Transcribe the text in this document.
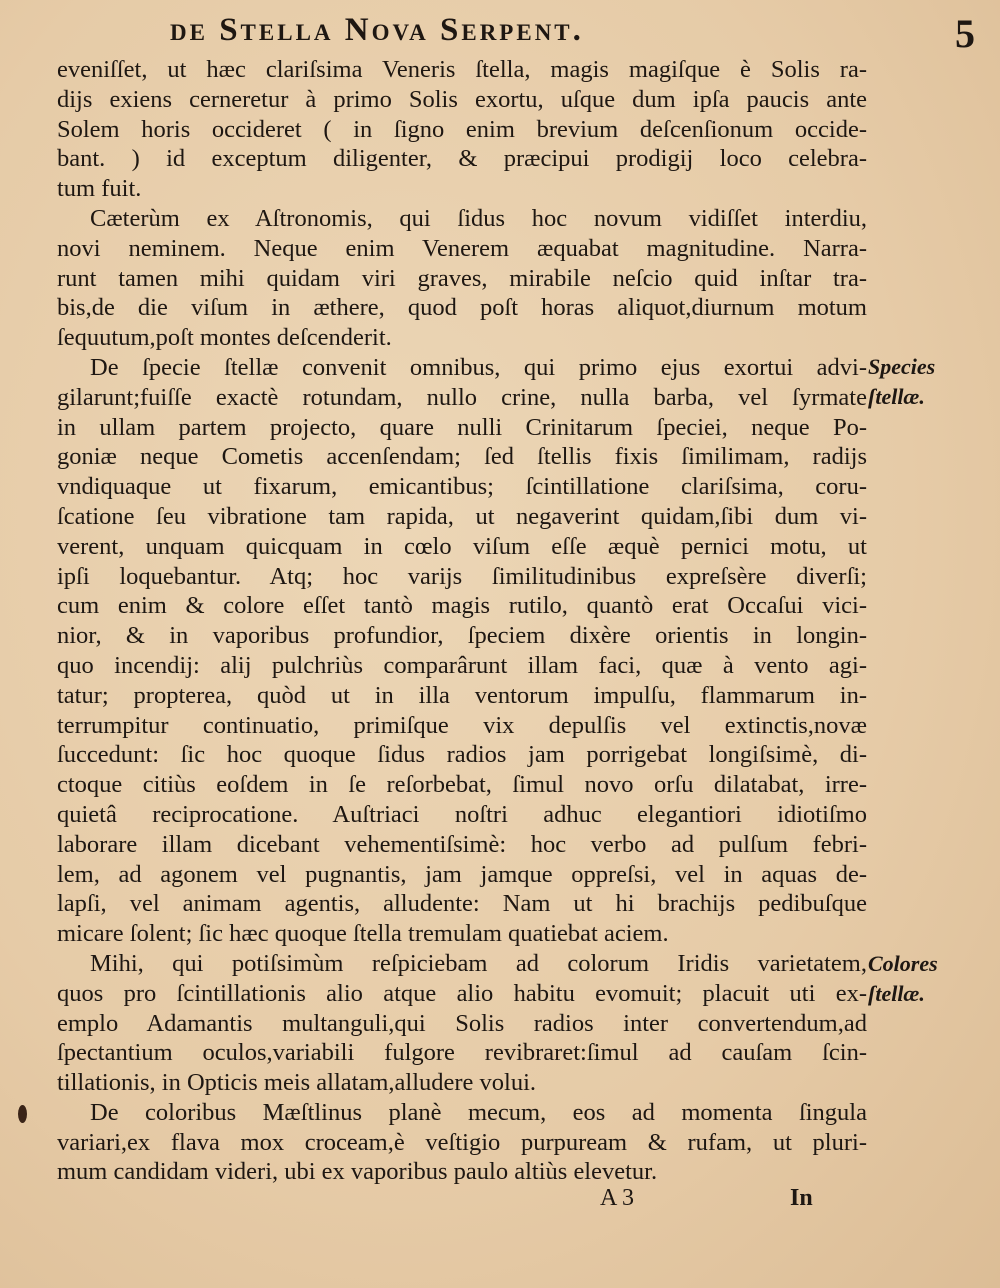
de Stella Nova Serpent.	5
eveniſſet, ut hæc clariſsima Veneris ſtella, magis magiſque è Solis ra-
dijs exiens cerneretur à primo Solis exortu, uſque dum ipſa paucis ante
Solem horis occideret ( in ſigno enim brevium deſcenſionum occide-
bant. ) id exceptum diligenter, & præcipui prodigij loco celebra-
tum fuit.
Cæterùm ex Aſtronomis, qui ſidus hoc novum vidiſſet interdiu,
novi neminem. Neque enim Venerem æquabat magnitudine. Narra-
runt tamen mihi quidam viri graves, mirabile neſcio quid inſtar tra-
bis,de die viſum in æthere, quod poſt horas aliquot,diurnum motum
ſequutum,poſt montes deſcenderit.
De ſpecie ſtellæ convenit omnibus, qui primo ejus exortui advi-
gilarunt;fuiſſe exactè rotundam, nullo crine, nulla barba, vel ſyrmate
in ullam partem projecto, quare nulli Crinitarum ſpeciei, neque Po-
goniæ neque Cometis accenſendam; ſed ſtellis fixis ſimilimam, radijs
vndiquaque ut fixarum, emicantibus; ſcintillatione clariſsima, coru-
ſcatione ſeu vibratione tam rapida, ut negaverint quidam,ſibi dum vi-
verent, unquam quicquam in cœlo viſum eſſe æquè pernici motu, ut
ipſi loquebantur. Atq; hoc varijs ſimilitudinibus expreſsère diverſi;
cum enim & colore eſſet tantò magis rutilo, quantò erat Occaſui vici-
nior, & in vaporibus profundior, ſpeciem dixère orientis in longin-
quo incendij: alij pulchriùs comparârunt illam faci, quæ à vento agi-
tatur; propterea, quòd ut in illa ventorum impulſu, flammarum in-
terrumpitur continuatio, primiſque vix depulſis vel extinctis,novæ
ſuccedunt: ſic hoc quoque ſidus radios jam porrigebat longiſsimè, di-
ctoque citiùs eoſdem in ſe reſorbebat, ſimul novo orſu dilatabat, irre-
quietâ reciprocatione. Auſtriaci noſtri adhuc elegantiori idiotiſmo
laborare illam dicebant vehementiſsimè: hoc verbo ad pulſum febri-
lem, ad agonem vel pugnantis, jam jamque oppreſsi, vel in aquas de-
lapſi, vel animam agentis, alludente: Nam ut hi brachijs pedibuſque
micare ſolent; ſic hæc quoque ſtella tremulam quatiebat aciem.
Mihi, qui potiſsimùm reſpiciebam ad colorum Iridis varietatem,
quos pro ſcintillationis alio atque alio habitu evomuit; placuit uti ex-
emplo Adamantis multanguli,qui Solis radios inter convertendum,ad
ſpectantium oculos,variabili fulgore revibraret:ſimul ad cauſam ſcin-
tillationis, in Opticis meis allatam,alludere volui.
De coloribus Mæſtlinus planè mecum, eos ad momenta ſingula
variari,ex flava mox croceam,è veſtigio purpuream & rufam, ut pluri-
mum candidam videri, ubi ex vaporibus paulo altiùs elevetur.
Species
ſtellæ.
Colores
ſtellæ.
A 3	In
